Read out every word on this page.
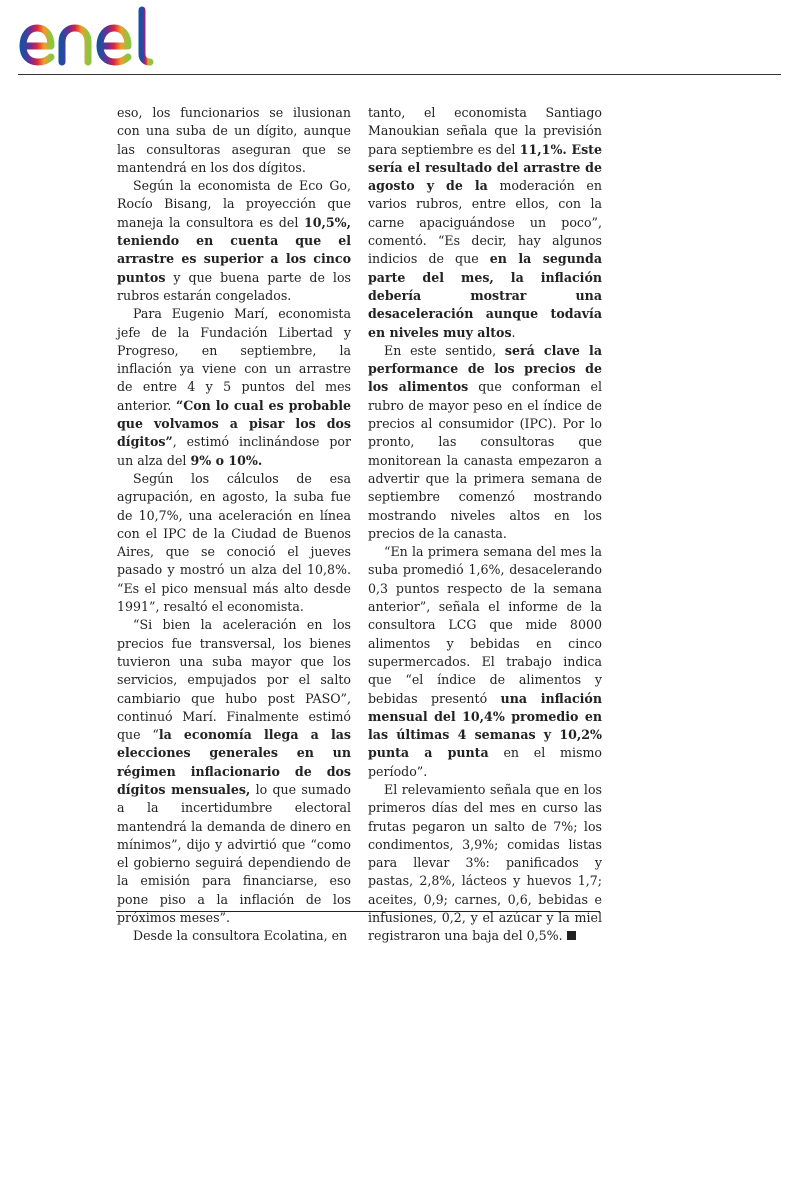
eso, los funcionarios se ilusionan con una suba de un dígito, aunque las consultoras aseguran que se mantendrá en los dos dígitos.

Según la economista de Eco Go, Rocío Bisang, la proyección que maneja la consultora es del 10,5%, teniendo en cuenta que el arrastre es superior a los cinco puntos y que buena parte de los rubros estarán congelados.

Para Eugenio Marí, economista jefe de la Fundación Libertad y Progreso, en septiembre, la inflación ya viene con un arrastre de entre 4 y 5 puntos del mes anterior. “Con lo cual es probable que volvamos a pisar los dos dígitos”, estimó inclinándose por un alza del 9% o 10%.

Según los cálculos de esa agrupación, en agosto, la suba fue de 10,7%, una aceleración en línea con el IPC de la Ciudad de Buenos Aires, que se conoció el jueves pasado y mostró un alza del 10,8%. “Es el pico mensual más alto desde 1991”, resaltó el economista.

“Si bien la aceleración en los precios fue transversal, los bienes tuvieron una suba mayor que los servicios, empujados por el salto cambiario que hubo post PASO”, continuó Marí. Finalmente estimó que “la economía llega a las elecciones generales en un régimen inflacionario de dos dígitos mensuales, lo que sumado a la incertidumbre electoral mantendrá la demanda de dinero en mínimos”, dijo y advirtió que “como el gobierno seguirá dependiendo de la emisión para financiarse, eso pone piso a la inflación de los próximos meses”.

Desde la consultora Ecolatina, en

tanto, el economista Santiago Manoukian señala que la previsión para septiembre es del 11,1%. Este sería el resultado del arrastre de agosto y de la moderación en varios rubros, entre ellos, con la carne apaciguándose un poco”, comentó. “Es decir, hay algunos indicios de que en la segunda parte del mes, la inflación debería mostrar una desaceleración aunque todavía en niveles muy altos.

En este sentido, será clave la performance de los precios de los alimentos que conforman el rubro de mayor peso en el índice de precios al consumidor (IPC). Por lo pronto, las consultoras que monitorean la canasta empezaron a advertir que la primera semana de septiembre comenzó mostrando mostrando niveles altos en los precios de la canasta.

“En la primera semana del mes la suba promedió 1,6%, desacelerando 0,3 puntos respecto de la semana anterior”, señala el informe de la consultora LCG que mide 8000 alimentos y bebidas en cinco supermercados. El trabajo indica que “el índice de alimentos y bebidas presentó una inflación mensual del 10,4% promedio en las últimas 4 semanas y 10,2% punta a punta en el mismo período”.

El relevamiento señala que en los primeros días del mes en curso las frutas pegaron un salto de 7%; los condimentos, 3,9%; comidas listas para llevar 3%: panificados y pastas, 2,8%, lácteos y huevos 1,7; aceites, 0,9; carnes, 0,6, bebidas e infusiones, 0,2, y el azúcar y la miel registraron una baja del 0,5%.
